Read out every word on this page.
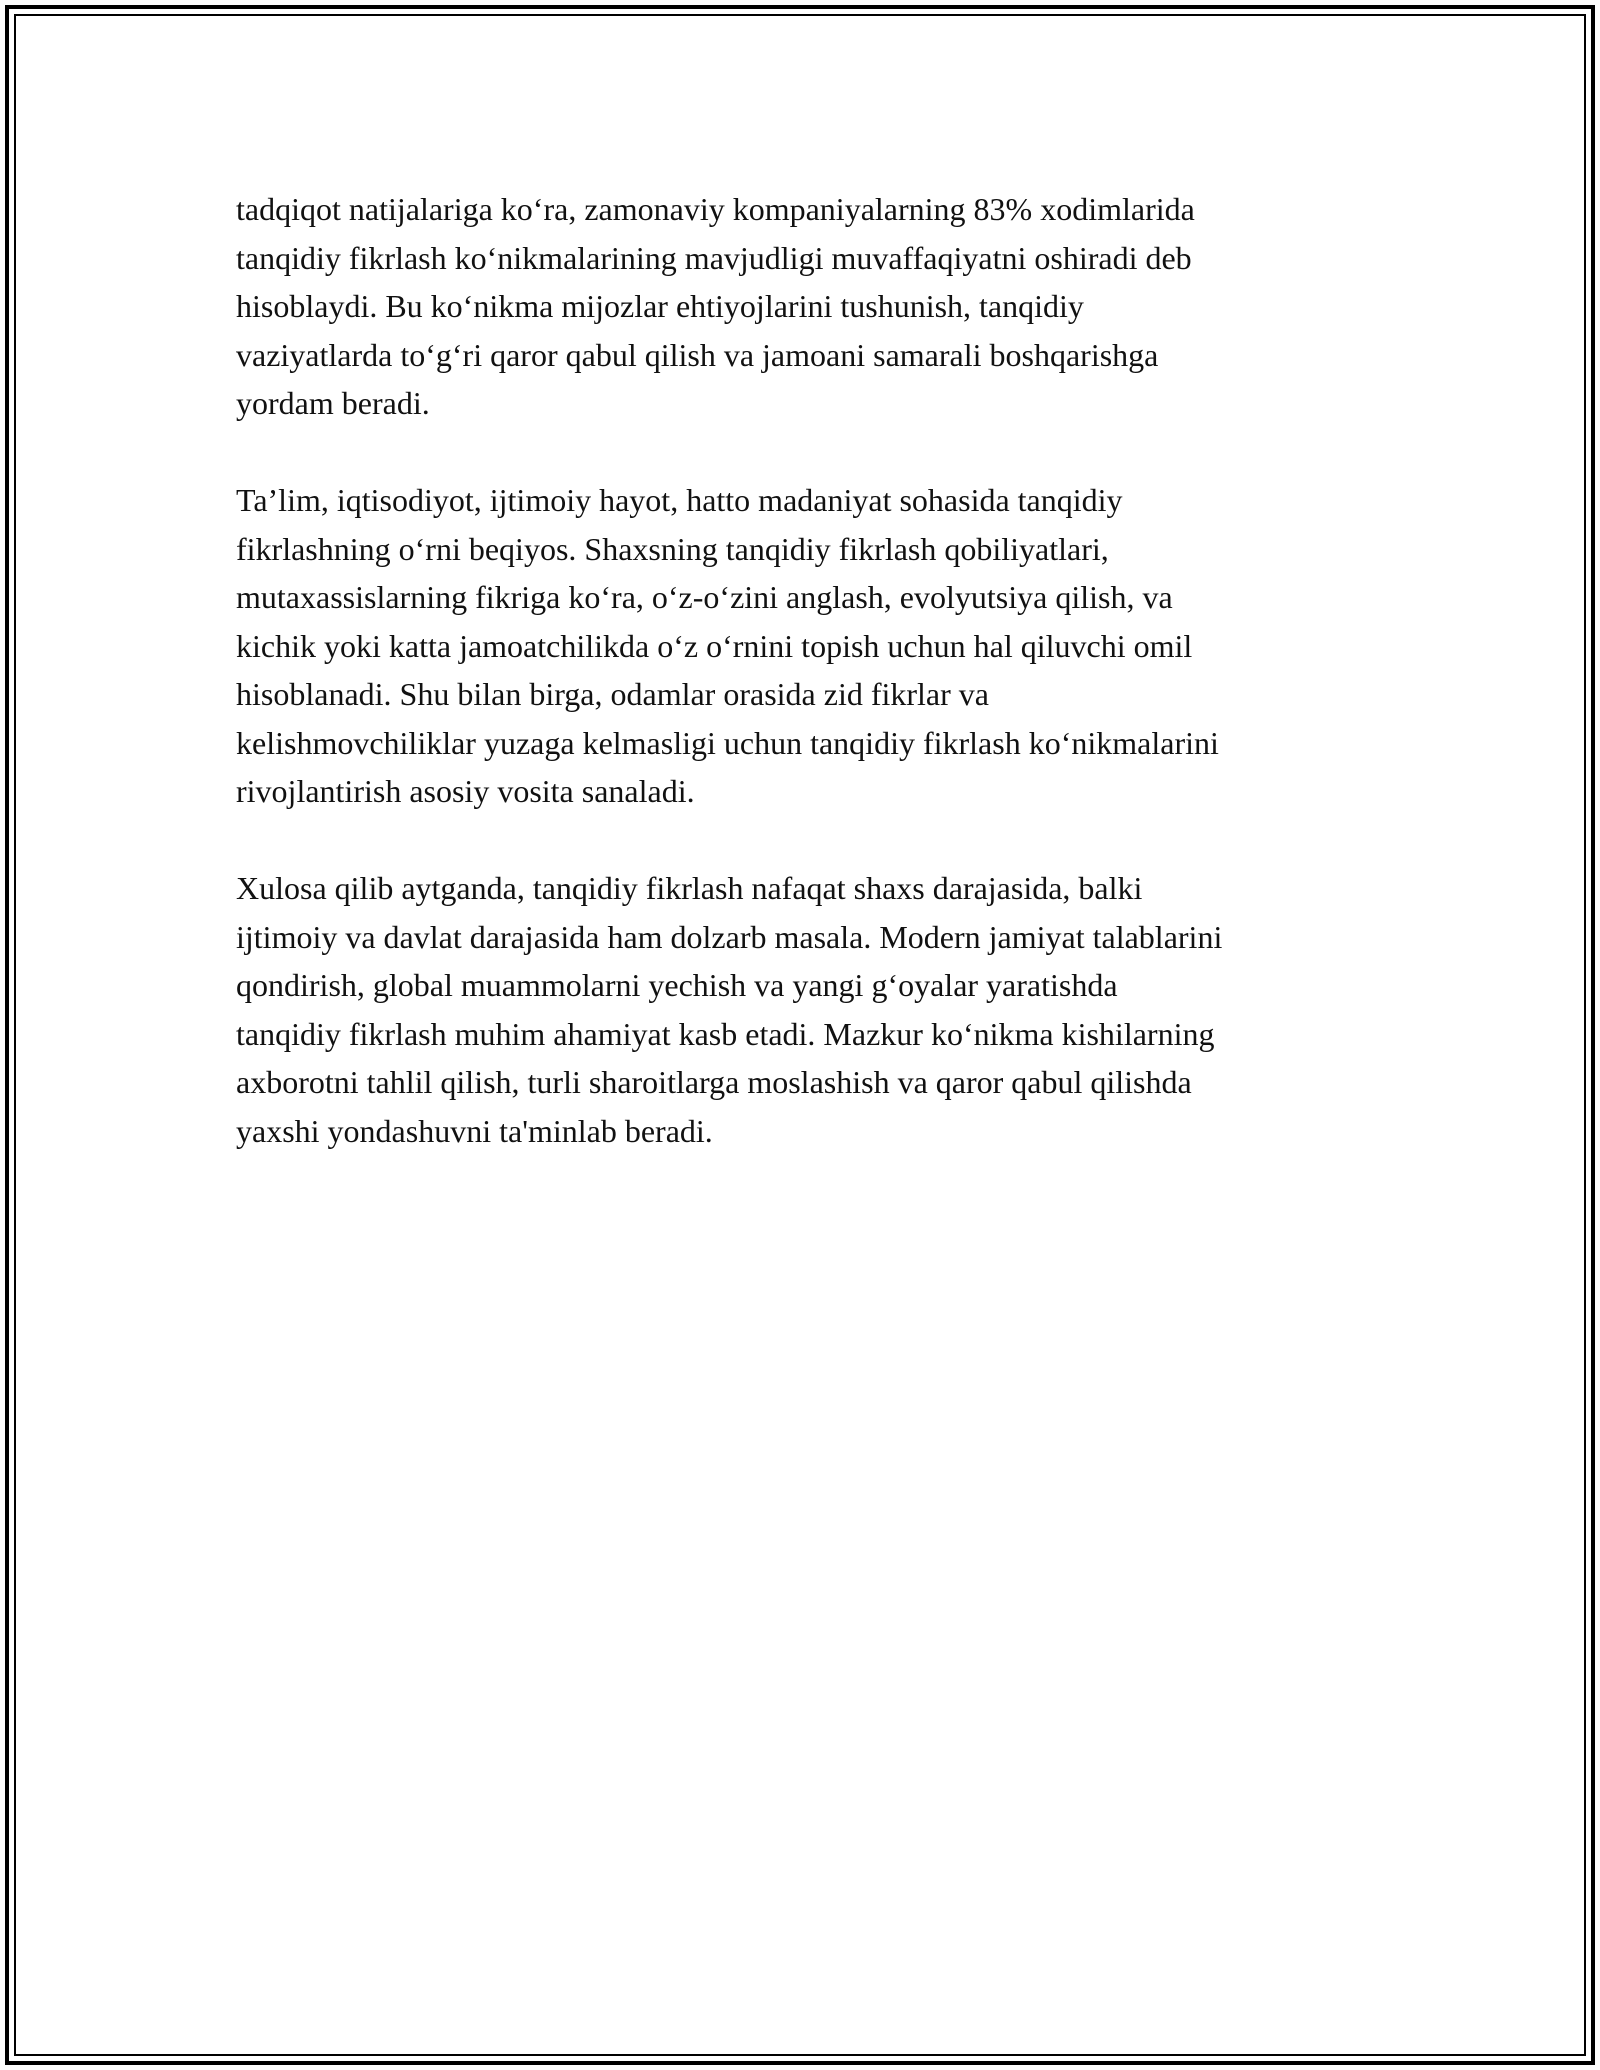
tadqiqot natijalariga ko‘ra, zamonaviy kompaniyalarning 83% xodimlarida
tanqidiy fikrlash ko‘nikmalarining mavjudligi muvaffaqiyatni oshiradi deb
hisoblaydi. Bu ko‘nikma mijozlar ehtiyojlarini tushunish, tanqidiy
vaziyatlarda to‘g‘ri qaror qabul qilish va jamoani samarali boshqarishga
yordam beradi.

Ta’lim, iqtisodiyot, ijtimoiy hayot, hatto madaniyat sohasida tanqidiy
fikrlashning o‘rni beqiyos. Shaxsning tanqidiy fikrlash qobiliyatlari,
mutaxassislarning fikriga ko‘ra, o‘z-o‘zini anglash, evolyutsiya qilish, va
kichik yoki katta jamoatchilikda o‘z o‘rnini topish uchun hal qiluvchi omil
hisoblanadi. Shu bilan birga, odamlar orasida zid fikrlar va
kelishmovchiliklar yuzaga kelmasligi uchun tanqidiy fikrlash ko‘nikmalarini
rivojlantirish asosiy vosita sanaladi.

Xulosa qilib aytganda, tanqidiy fikrlash nafaqat shaxs darajasida, balki
ijtimoiy va davlat darajasida ham dolzarb masala. Modern jamiyat talablarini
qondirish, global muammolarni yechish va yangi g‘oyalar yaratishda
tanqidiy fikrlash muhim ahamiyat kasb etadi. Mazkur ko‘nikma kishilarning
axborotni tahlil qilish, turli sharoitlarga moslashish va qaror qabul qilishda
yaxshi yondashuvni ta'minlab beradi.
